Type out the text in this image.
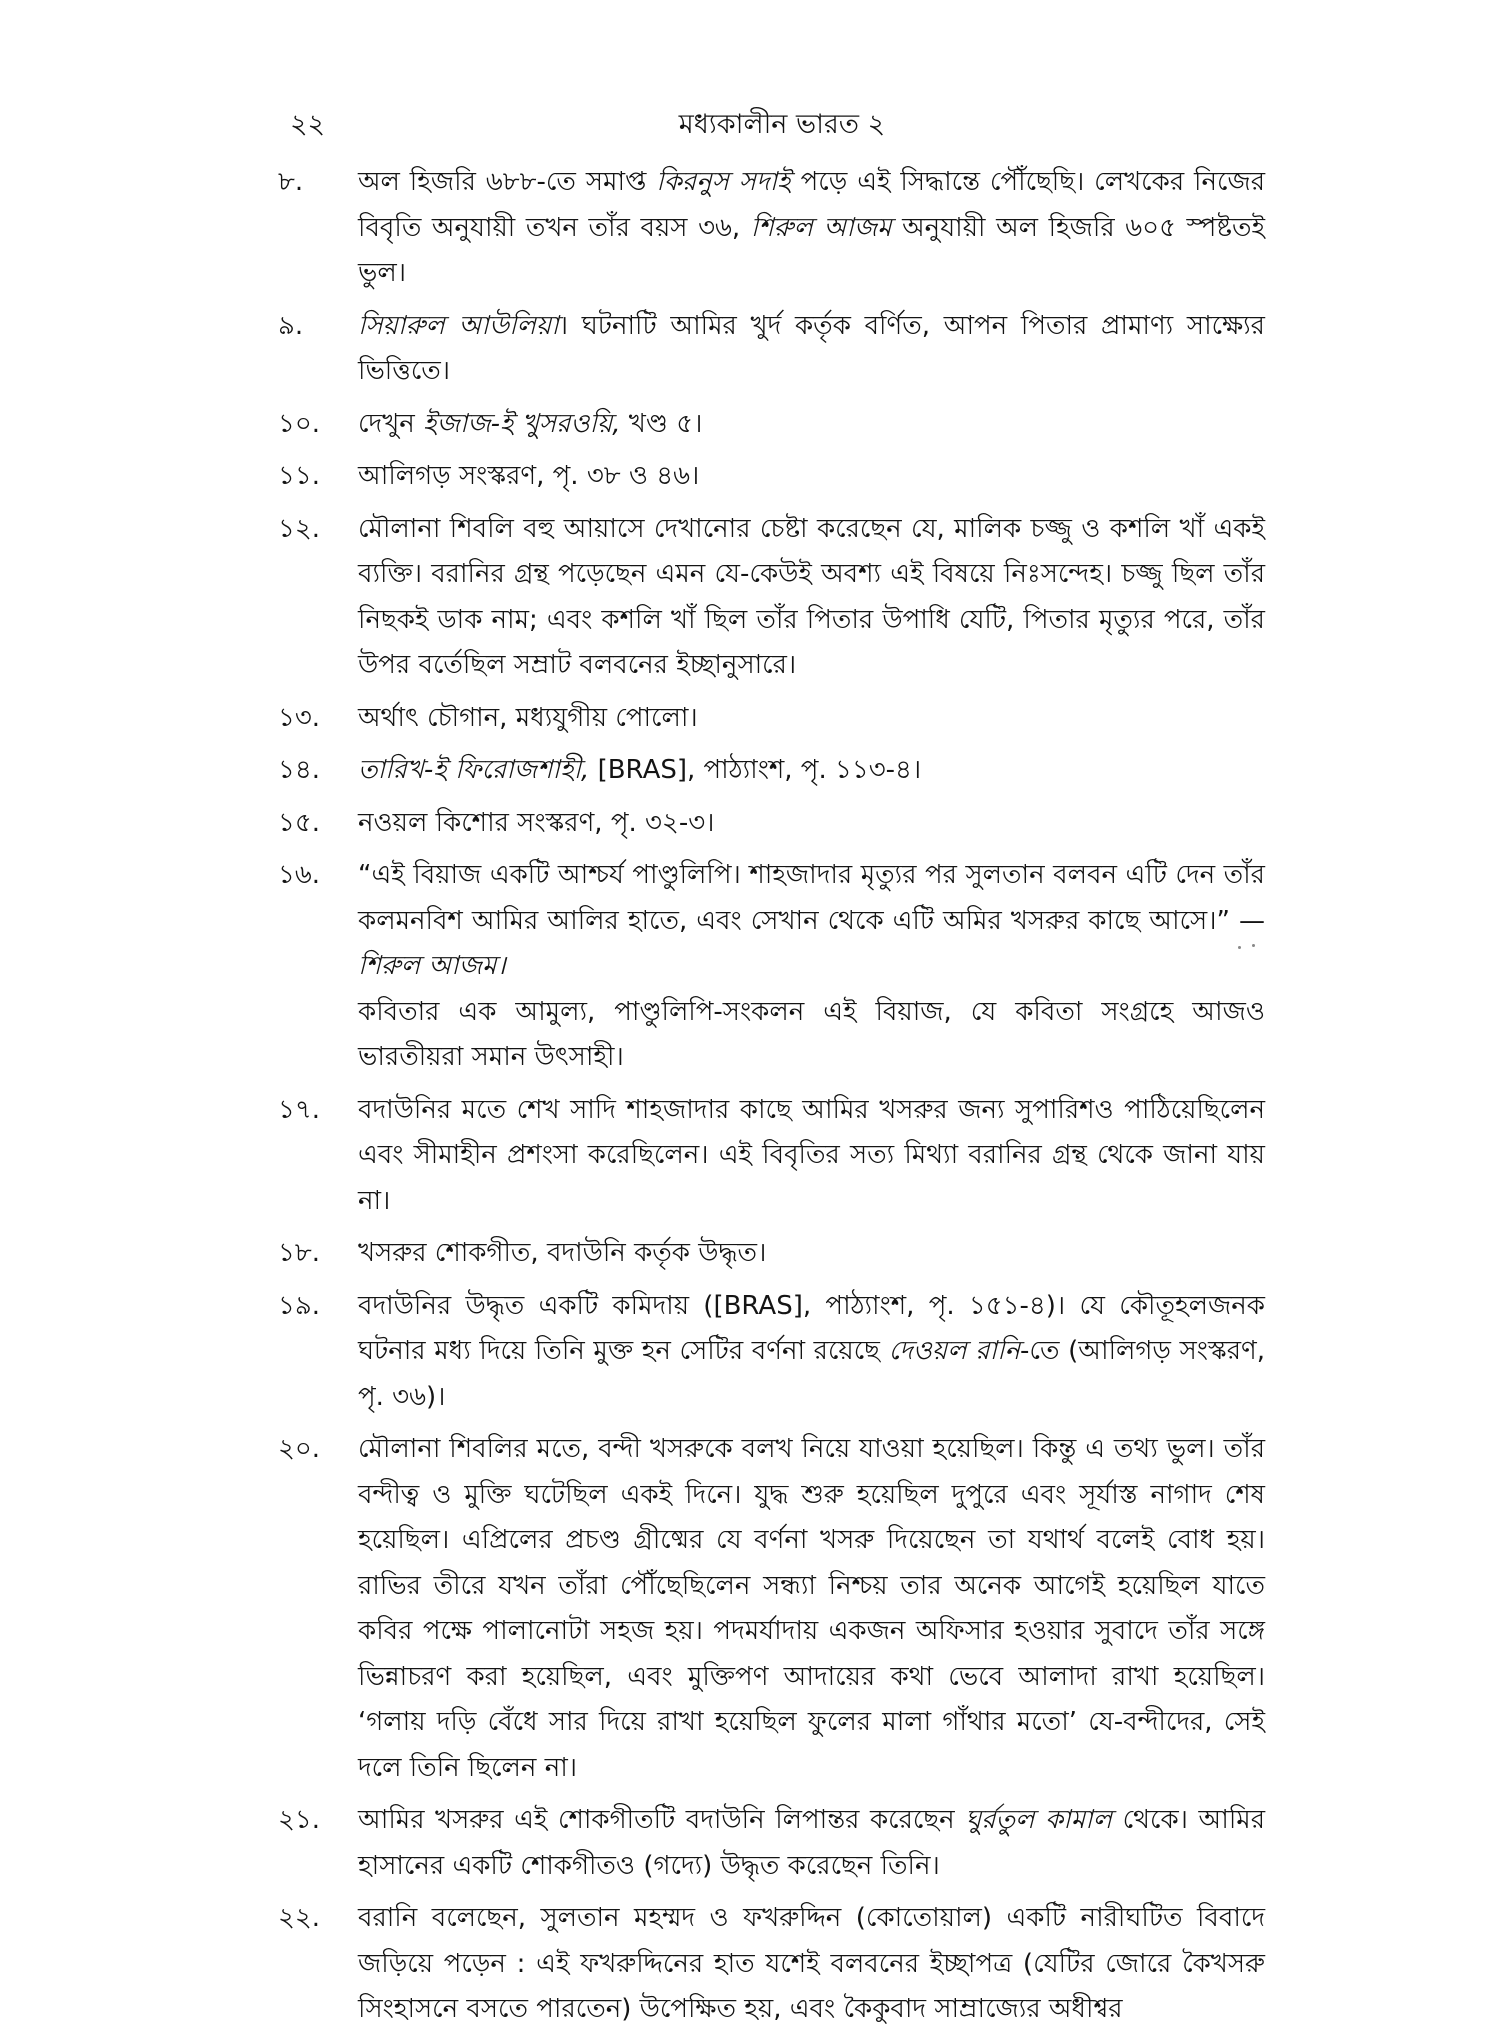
২২	মধ্যকালীন ভারত ২
৮.	অল হিজরি ৬৮৮-তে সমাপ্ত কিরনুস সদাই পড়ে এই সিদ্ধান্তে পৌঁছেছি। লেখকের নিজের বিবৃতি অনুযায়ী তখন তাঁর বয়স ৩৬, শিরুল আজম অনুযায়ী অল হিজরি ৬০৫ স্পষ্টতই ভুল।
৯.	সিয়ারুল আউলিয়া। ঘটনাটি আমির খুর্দ কর্তৃক বর্ণিত, আপন পিতার প্রামাণ্য সাক্ষ্যের ভিত্তিতে।
১০.	দেখুন ইজাজ-ই খুসরওয়ি, খণ্ড ৫।
১১.	আলিগড় সংস্করণ, পৃ. ৩৮ ও ৪৬।
১২.	মৌলানা শিবলি বহু আয়াসে দেখানোর চেষ্টা করেছেন যে, মালিক চজ্জু ও কশলি খাঁ একই ব্যক্তি। বরানির গ্রন্থ পড়েছেন এমন যে-কেউই অবশ্য এই বিষয়ে নিঃসন্দেহ। চজ্জু ছিল তাঁর নিছকই ডাক নাম; এবং কশলি খাঁ ছিল তাঁর পিতার উপাধি যেটি, পিতার মৃত্যুর পরে, তাঁর উপর বর্তেছিল সম্রাট বলবনের ইচ্ছানুসারে।
১৩.	অর্থাৎ চৌগান, মধ্যযুগীয় পোলো।
১৪.	তারিখ-ই ফিরোজশাহী, [BRAS], পাঠ্যাংশ, পৃ. ১১৩-৪।
১৫.	নওয়ল কিশোর সংস্করণ, পৃ. ৩২-৩।
১৬.	“এই বিয়াজ একটি আশ্চর্য পাণ্ডুলিপি। শাহজাদার মৃত্যুর পর সুলতান বলবন এটি দেন তাঁর কলমনবিশ আমির আলির হাতে, এবং সেখান থেকে এটি অমির খসরুর কাছে আসে।” — শিরুল আজম।
কবিতার এক আমুল্য, পাণ্ডুলিপি-সংকলন এই বিয়াজ, যে কবিতা সংগ্রহে আজও ভারতীয়রা সমান উৎসাহী।
১৭.	বদাউনির মতে শেখ সাদি শাহজাদার কাছে আমির খসরুর জন্য সুপারিশও পাঠিয়েছিলেন এবং সীমাহীন প্রশংসা করেছিলেন। এই বিবৃতির সত্য মিথ্যা বরানির গ্রন্থ থেকে জানা যায় না।
১৮.	খসরুর শোকগীত, বদাউনি কর্তৃক উদ্ধৃত।
১৯.	বদাউনির উদ্ধৃত একটি কমিদায় ([BRAS], পাঠ্যাংশ, পৃ. ১৫১-৪)। যে কৌতূহলজনক ঘটনার মধ্য দিয়ে তিনি মুক্ত হন সেটির বর্ণনা রয়েছে দেওয়ল রানি-তে (আলিগড় সংস্করণ, পৃ. ৩৬)।
২০.	মৌলানা শিবলির মতে, বন্দী খসরুকে বলখ নিয়ে যাওয়া হয়েছিল। কিন্তু এ তথ্য ভুল। তাঁর বন্দীত্ব ও মুক্তি ঘটেছিল একই দিনে। যুদ্ধ শুরু হয়েছিল দুপুরে এবং সূর্যাস্ত নাগাদ শেষ হয়েছিল। এপ্রিলের প্রচণ্ড গ্রীষ্মের যে বর্ণনা খসরু দিয়েছেন তা যথার্থ বলেই বোধ হয়। রাভির তীরে যখন তাঁরা পৌঁছেছিলেন সন্ধ্যা নিশ্চয় তার অনেক আগেই হয়েছিল যাতে কবির পক্ষে পালানোটা সহজ হয়। পদমর্যাদায় একজন অফিসার হওয়ার সুবাদে তাঁর সঙ্গে ভিন্নাচরণ করা হয়েছিল, এবং মুক্তিপণ আদায়ের কথা ভেবে আলাদা রাখা হয়েছিল। ‘গলায় দড়ি বেঁধে সার দিয়ে রাখা হয়েছিল ফুলের মালা গাঁথার মতো’ যে-বন্দীদের, সেই দলে তিনি ছিলেন না।
২১.	আমির খসরুর এই শোকগীতটি বদাউনি লিপান্তর করেছেন ঘুর্রতুল কামাল থেকে। আমির হাসানের একটি শোকগীতও (গদ্যে) উদ্ধৃত করেছেন তিনি।
২২.	বরানি বলেছেন, সুলতান মহম্মদ ও ফখরুদ্দিন (কোতোয়াল) একটি নারীঘটিত বিবাদে জড়িয়ে পড়েন : এই ফখরুদ্দিনের হাত যশেই বলবনের ইচ্ছাপত্র (যেটির জোরে কৈখসরু সিংহাসনে বসতে পারতেন) উপেক্ষিত হয়, এবং কৈকুবাদ সাম্রাজ্যের অধীশ্বর
